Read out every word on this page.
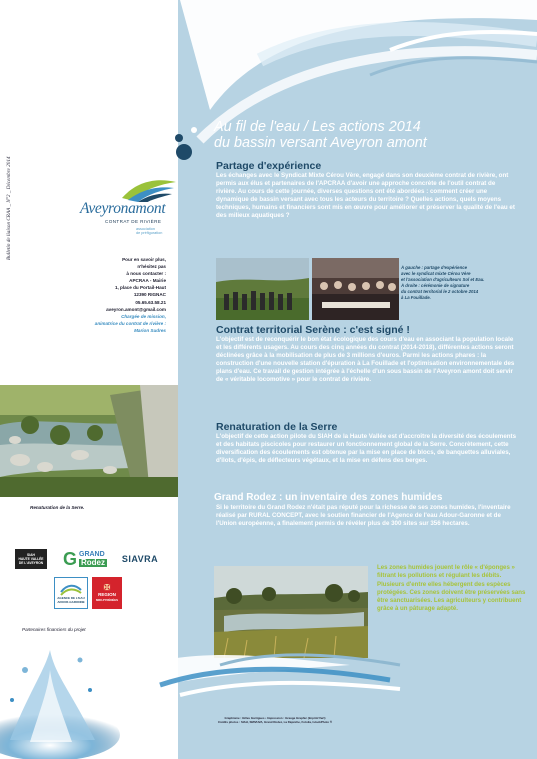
Bulletin de liaison CRAA _ N°2 _ Décembre 2014	Aveyronamont
CONTRAT DE RIVIÈRE
association
de préfiguration
Pour en savoir plus,
n'hésitez pas
à nous contacter :
APCRAA - Mairie
1, place du Portail-Haut
12390 RIGNAC
05.65.63.58.21
aveyron.amont@gmail.com
Chargée de mission,
animatrice du contrat de rivière :
Marion Sudres
Renaturation de la Serre.
SIAH
HAUTE VALLÉE
DE L'AVEYRON G GRAND
Rodez SIAVRA
AGENCE DE L'EAU
ADOUR-GARONNE
✠
REGION
MIDI-PYRÉNÉES
Partenaires financiers du projet
Au fil de l'eau / Les actions 2014
du bassin versant Aveyron amont
Partage d'expérience
Les échanges avec le Syndicat Mixte Cérou Vère, engagé dans son deuxième contrat de rivière, ont permis aux élus et partenaires de l'APCRAA d'avoir une approche concrète de l'outil contrat de rivière. Au cours de cette journée, diverses questions ont été abordées : comment créer une dynamique de bassin versant avec tous les acteurs du territoire ? Quelles actions, quels moyens techniques, humains et financiers sont mis en œuvre pour améliorer et préserver la qualité de l'eau et des milieux aquatiques ?
À gauche : partage d'expérience
avec le syndicat mixte Cérou Vère
et l'association d'agriculteurs Sol et Eau.
À droite : cérémonie de signature
du contrat territorial le 2 octobre 2014
à La Fouillade.
Contrat territorial Serène : c'est signé !
L'objectif est de reconquérir le bon état écologique des cours d'eau en associant la population locale et les différents usagers. Au cours des cinq années du contrat (2014-2018), différentes actions seront déclinées grâce à la mobilisation de plus de 3 millions d'euros. Parmi les actions phares : la construction d'une nouvelle station d'épuration à La Fouillade et l'optimisation environnementale des plans d'eau. Ce travail de gestion intégrée à l'échelle d'un sous bassin de l'Aveyron amont doit servir de « véritable locomotive » pour le contrat de rivière.
Renaturation de la Serre
L'objectif de cette action pilote du SIAH de la Haute Vallée est d'accroître la diversité des écoulements et des habitats piscicoles pour restaurer un fonctionnement global de la Serre. Concrètement, cette diversification des écoulements est obtenue par la mise en place de blocs, de banquettes alluviales, d'îlots, d'épis, de déflecteurs végétaux, et la mise en défens des berges.
Grand Rodez : un inventaire des zones humides
Si le territoire du Grand Rodez n'était pas réputé pour la richesse de ses zones humides, l'inventaire réalisé par RURAL CONCEPT, avec le soutien financier de l'Agence de l'eau Adour-Garonne et de l'Union européenne, a finalement permis de révéler plus de 300 sites sur 356 hectares.
Les zones humides jouent le rôle « d'éponges » filtrant les pollutions et régulant les débits. Plusieurs d'entre elles hébergent des espèces protégées. Ces zones doivent être préservées sans être sanctuarisées. Les agriculteurs y contribuent grâce à un pâturage adapté.
Graphisme : Gilles Garrigues • Impression : Grauge Graphic (Imprim'Vert)
Crédits photos : SIAH, SMIVHVA, Grand Rodez, La Dépêche, Fotolia, IstockPhoto ®
